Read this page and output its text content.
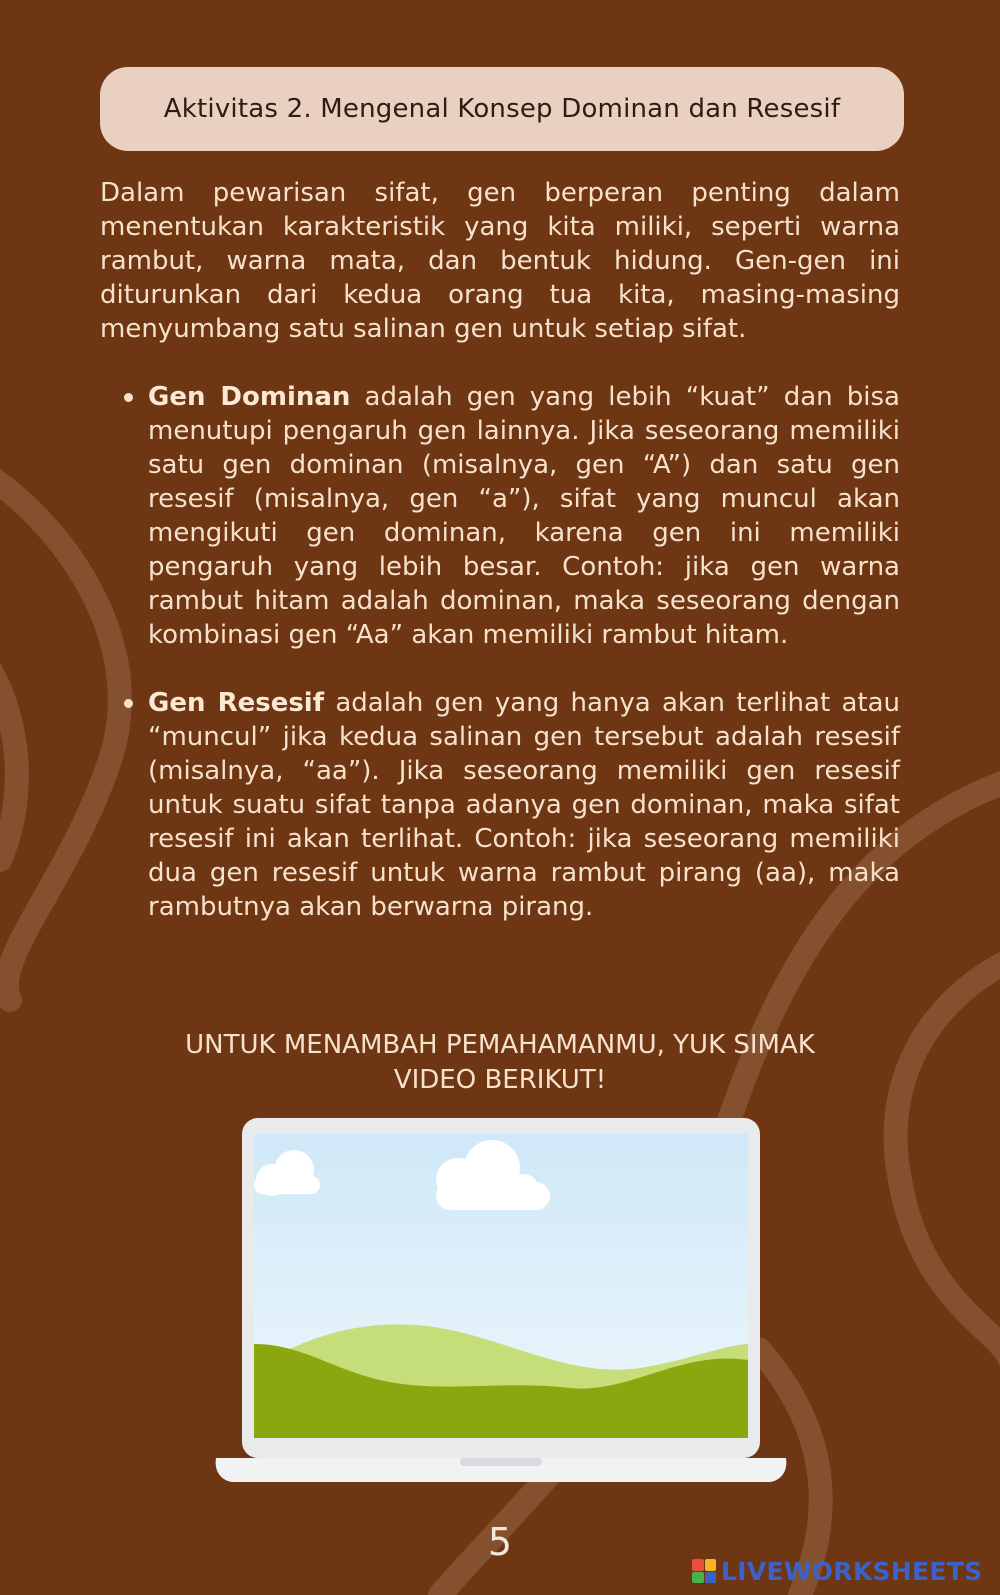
Aktivitas 2. Mengenal Konsep Dominan dan Resesif

Dalam pewarisan sifat, gen berperan penting dalam menentukan karakteristik yang kita miliki, seperti warna rambut, warna mata, dan bentuk hidung. Gen-gen ini diturunkan dari kedua orang tua kita, masing-masing menyumbang satu salinan gen untuk setiap sifat.

Gen Dominan adalah gen yang lebih “kuat” dan bisa menutupi pengaruh gen lainnya. Jika seseorang memiliki satu gen dominan (misalnya, gen “A”) dan satu gen resesif (misalnya, gen “a”), sifat yang muncul akan mengikuti gen dominan, karena gen ini memiliki pengaruh yang lebih besar. Contoh: jika gen warna rambut hitam adalah dominan, maka seseorang dengan kombinasi gen “Aa” akan memiliki rambut hitam.
Gen Resesif adalah gen yang hanya akan terlihat atau “muncul” jika kedua salinan gen tersebut adalah resesif (misalnya, “aa”). Jika seseorang memiliki gen resesif untuk suatu sifat tanpa adanya gen dominan, maka sifat resesif ini akan terlihat. Contoh: jika seseorang memiliki dua gen resesif untuk warna rambut pirang (aa), maka rambutnya akan berwarna pirang.
UNTUK MENAMBAH PEMAHAMANMU, YUK SIMAK
VIDEO BERIKUT!
5
LIVEWORKSHEETS
